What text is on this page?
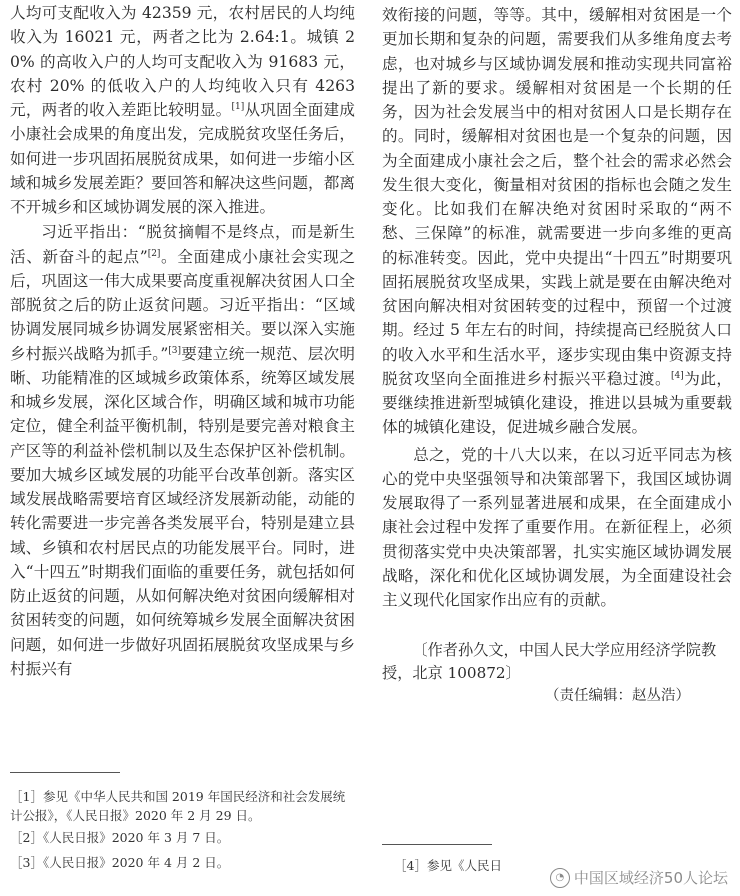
人均可支配收入为 42359 元，农村居民的人均纯收入为 16021 元，两者之比为 2.64:1。城镇 20% 的高收入户的人均可支配收入为 91683 元，农村 20% 的低收入户的人均纯收入只有 4263 元，两者的收入差距比较明显。[1]从巩固全面建成小康社会成果的角度出发，完成脱贫攻坚任务后，如何进一步巩固拓展脱贫成果，如何进一步缩小区域和城乡发展差距？要回答和解决这些问题，都离不开城乡和区域协调发展的深入推进。

习近平指出：“脱贫摘帽不是终点，而是新生活、新奋斗的起点”[2]。全面建成小康社会实现之后，巩固这一伟大成果要高度重视解决贫困人口全部脱贫之后的防止返贫问题。习近平指出：“区域协调发展同城乡协调发展紧密相关。要以深入实施乡村振兴战略为抓手。”[3]要建立统一规范、层次明晰、功能精准的区域城乡政策体系，统筹区域发展和城乡发展，深化区域合作，明确区域和城市功能定位，健全利益平衡机制，特别是要完善对粮食主产区等的利益补偿机制以及生态保护区补偿机制。要加大城乡区域发展的功能平台改革创新。落实区域发展战略需要培育区域经济发展新动能，动能的转化需要进一步完善各类发展平台，特别是建立县域、乡镇和农村居民点的功能发展平台。同时，进入“十四五”时期我们面临的重要任务，就包括如何防止返贫的问题，从如何解决绝对贫困向缓解相对贫困转变的问题，如何统筹城乡发展全面解决贫困问题，如何进一步做好巩固拓展脱贫攻坚成果与乡村振兴有

［1］参见《中华人民共和国 2019 年国民经济和社会发展统计公报》，《人民日报》2020 年 2 月 29 日。

［2］《人民日报》2020 年 3 月 7 日。

［3］《人民日报》2020 年 4 月 2 日。

效衔接的问题，等等。其中，缓解相对贫困是一个更加长期和复杂的问题，需要我们从多维角度去考虑，也对城乡与区域协调发展和推动实现共同富裕提出了新的要求。缓解相对贫困是一个长期的任务，因为社会发展当中的相对贫困人口是长期存在的。同时，缓解相对贫困也是一个复杂的问题，因为全面建成小康社会之后，整个社会的需求必然会发生很大变化，衡量相对贫困的指标也会随之发生变化。比如我们在解决绝对贫困时采取的“两不愁、三保障”的标准，就需要进一步向多维的更高的标准转变。因此，党中央提出“十四五”时期要巩固拓展脱贫攻坚成果，实践上就是要在由解决绝对贫困向解决相对贫困转变的过程中，预留一个过渡期。经过 5 年左右的时间，持续提高已经脱贫人口的收入水平和生活水平，逐步实现由集中资源支持脱贫攻坚向全面推进乡村振兴平稳过渡。[4]为此，要继续推进新型城镇化建设，推进以县城为重要载体的城镇化建设，促进城乡融合发展。

总之，党的十八大以来，在以习近平同志为核心的党中央坚强领导和决策部署下，我国区域协调发展取得了一系列显著进展和成果，在全面建成小康社会过程中发挥了重要作用。在新征程上，必须贯彻落实党中央决策部署，扎实实施区域协调发展战略，深化和优化区域协调发展，为全面建设社会主义现代化国家作出应有的贡献。

〔作者孙久文，中国人民大学应用经济学院教授，北京 100872〕

（责任编辑：赵丛浩）

［4］参见《人民日

◔ 中国区域经济50人论坛
